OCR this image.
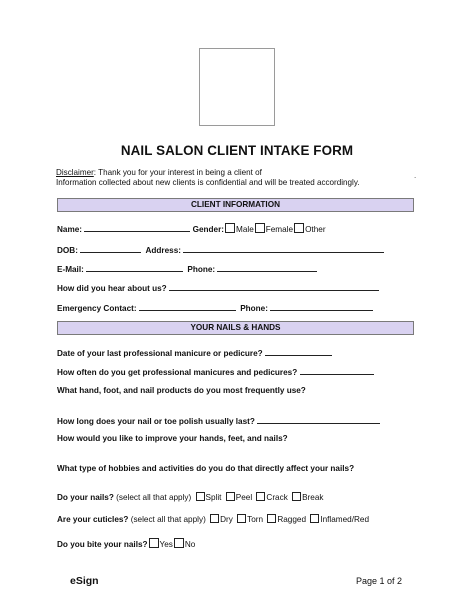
NAIL SALON CLIENT INTAKE FORM
Disclaimer: Thank you for your interest in being a client of
Information collected about new clients is confidential and will be treated accordingly.
.
CLIENT INFORMATION
Name:	Gender: Male Female Other
DOB:	Address:
E-Mail:	Phone:
How did you hear about us?
Emergency Contact:	Phone:
YOUR NAILS & HANDS
Date of your last professional manicure or pedicure?
How often do you get professional manicures and pedicures?
What hand, foot, and nail products do you most frequently use?
How long does your nail or toe polish usually last?
How would you like to improve your hands, feet, and nails?
What type of hobbies and activities do you do that directly affect your nails?
Do your nails? (select all that apply) Split Peel Crack Break
Are your cuticles? (select all that apply) Dry Torn Ragged Inflamed/Red
Do you bite your nails? Yes No
eSign	Page 1 of 2
